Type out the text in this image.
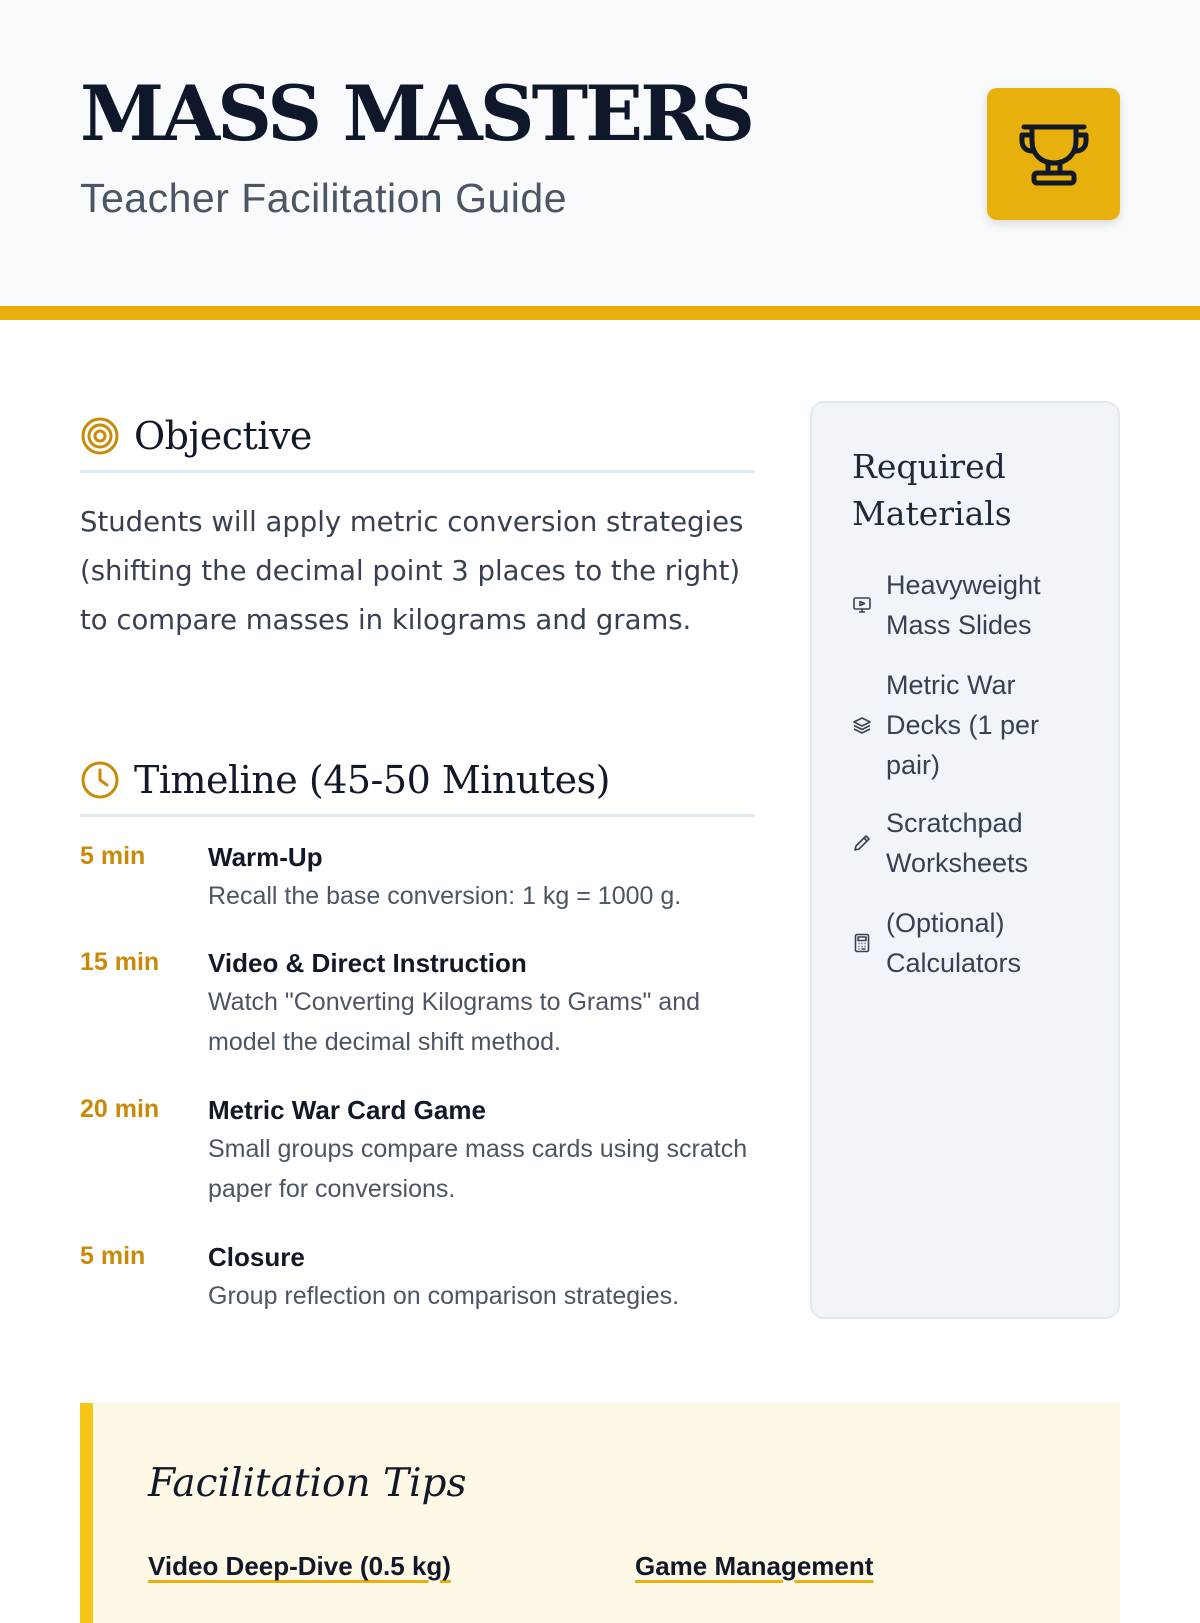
MASS MASTERS

Teacher Facilitation Guide

Objective

Students will apply metric conversion strategies (shifting the decimal point 3 places to the right) to compare masses in kilograms and grams.

Timeline (45-50 Minutes)
5 min Warm-Up
Recall the base conversion: 1 kg = 1000 g.
15 min Video & Direct Instruction
Watch "Converting Kilograms to Grams" and model the decimal shift method.
20 min Metric War Card Game
Small groups compare mass cards using scratch paper for conversions.
5 min Closure
Group reflection on comparison strategies.
Required Materials
Heavyweight Mass Slides
Metric War Decks (1 per pair)
Scratchpad Worksheets
(Optional) Calculators
Facilitation Tips
Video Deep-Dive (0.5 kg)	Game Management
